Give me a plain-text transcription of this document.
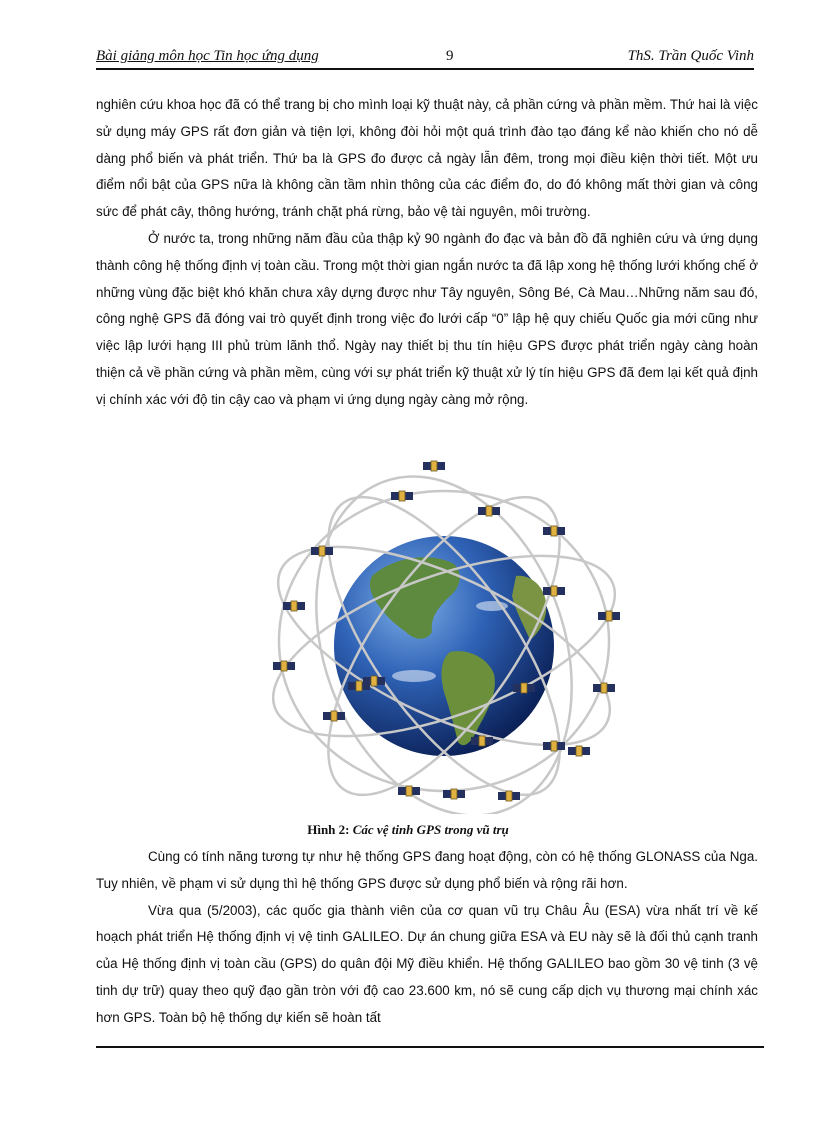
Bài giảng môn học Tin học ứng dụng	9	ThS. Trần Quốc Vinh

nghiên cứu khoa học đã có thể trang bị cho mình loại kỹ thuật này, cả phần cứng và phần mềm. Thứ hai là việc sử dụng máy GPS rất đơn giản và tiện lợi, không đòi hỏi một quá trình đào tạo đáng kể nào khiến cho nó dễ dàng phổ biến và phát triển. Thứ ba là GPS đo được cả ngày lẫn đêm, trong mọi điều kiện thời tiết. Một ưu điểm nổi bật của GPS nữa là không cần tầm nhìn thông của các điểm đo, do đó không mất thời gian và công sức để phát cây, thông hướng, tránh chặt phá rừng, bảo vệ tài nguyên, môi trường.

Ở nước ta, trong những năm đầu của thập kỷ 90 ngành đo đạc và bản đồ đã nghiên cứu và ứng dụng thành công hệ thống định vị toàn cầu. Trong một thời gian ngắn nước ta đã lập xong hệ thống lưới khống chế ở những vùng đặc biệt khó khăn chưa xây dựng được như Tây nguyên, Sông Bé, Cà Mau…Những năm sau đó, công nghệ GPS đã đóng vai trò quyết định trong việc đo lưới cấp “0” lập hệ quy chiếu Quốc gia mới cũng như việc lập lưới hạng III phủ trùm lãnh thổ. Ngày nay thiết bị thu tín hiệu GPS được phát triển ngày càng hoàn thiện cả về phần cứng và phần mềm, cùng với sự phát triển kỹ thuật xử lý tín hiệu GPS đã đem lại kết quả định vị chính xác với độ tin cậy cao và phạm vi ứng dụng ngày càng mở rộng.

Hình 2: Các vệ tinh GPS trong vũ trụ

Cùng có tính năng tương tự như hệ thống GPS đang hoạt động, còn có hệ thống GLONASS của Nga. Tuy nhiên, về phạm vi sử dụng thì hệ thống GPS được sử dụng phổ biến và rộng rãi hơn.

Vừa qua (5/2003), các quốc gia thành viên của cơ quan vũ trụ Châu Âu (ESA) vừa nhất trí về kế hoạch phát triển Hệ thống định vị vệ tinh GALILEO. Dự án chung giữa ESA và EU này sẽ là đối thủ cạnh tranh của Hệ thống định vị toàn cầu (GPS) do quân đội Mỹ điều khiển. Hệ thống GALILEO bao gồm 30 vệ tinh (3 vệ tinh dự trữ) quay theo quỹ đạo gần tròn với độ cao 23.600 km, nó sẽ cung cấp dịch vụ thương mại chính xác hơn GPS. Toàn bộ hệ thống dự kiến sẽ hoàn tất
